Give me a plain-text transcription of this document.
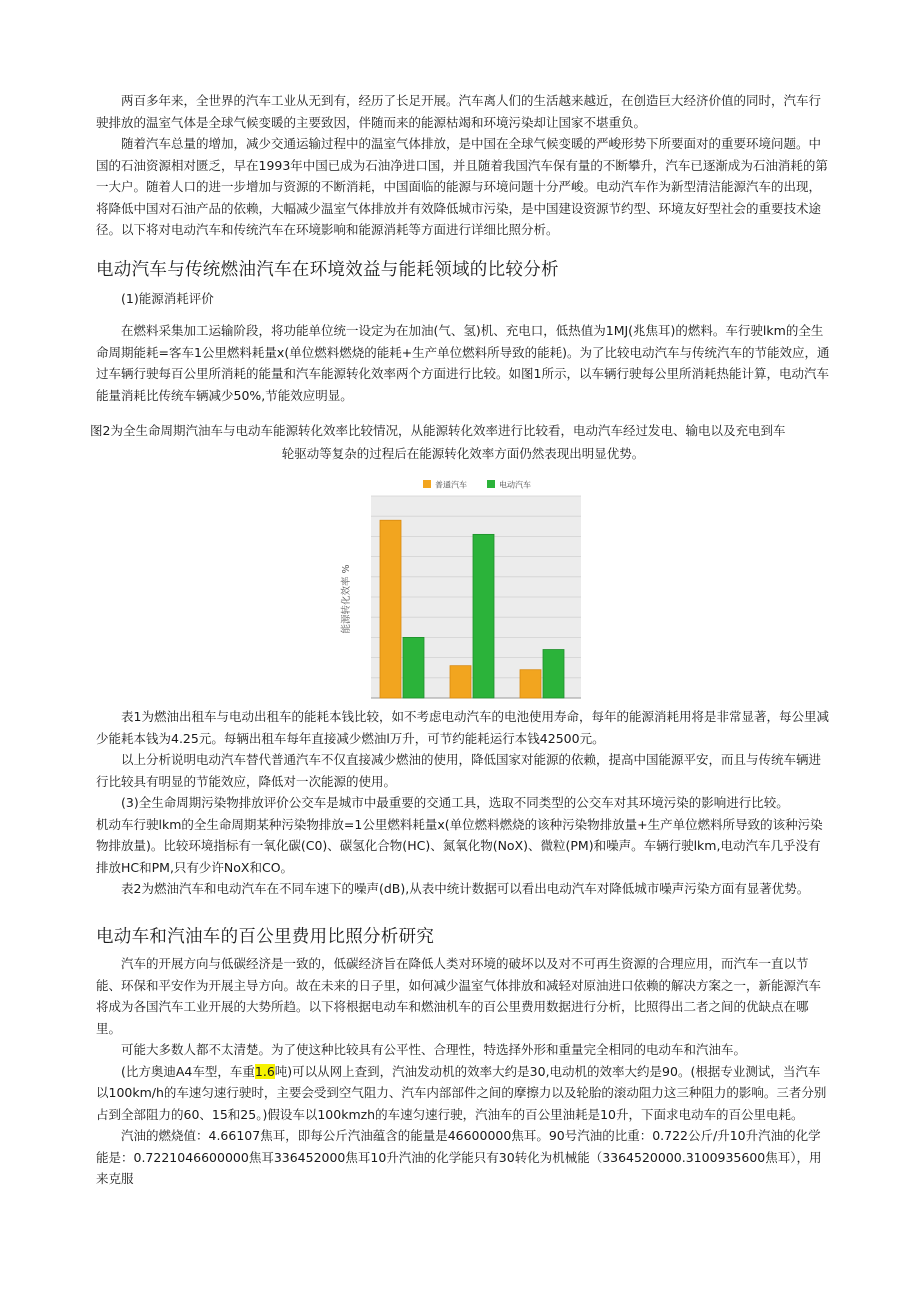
两百多年来，全世界的汽车工业从无到有，经历了长足开展。汽车离人们的生活越来越近，在创造巨大经济价值的同时，汽车行驶排放的温室气体是全球气候变暖的主要致因，伴随而来的能源枯竭和环境污染却让国家不堪重负。

随着汽车总量的增加，减少交通运输过程中的温室气体排放，是中国在全球气候变暖的严峻形势下所要面对的重要环境问题。中国的石油资源相对匮乏，早在1993年中国已成为石油净进口国，并且随着我国汽车保有量的不断攀升，汽车已逐渐成为石油消耗的第一大户。随着人口的进一步增加与资源的不断消耗，中国面临的能源与环境问题十分严峻。电动汽车作为新型清洁能源汽车的出现，将降低中国对石油产品的依赖，大幅减少温室气体排放并有效降低城市污染，是中国建设资源节约型、环境友好型社会的重要技术途径。以下将对电动汽车和传统汽车在环境影响和能源消耗等方面进行详细比照分析。

电动汽车与传统燃油汽车在环境效益与能耗领域的比较分析

(1)能源消耗评价

在燃料采集加工运输阶段，将功能单位统一设定为在加油(气、氢)机、充电口，低热值为1MJ(兆焦耳)的燃料。车行驶lkm的全生命周期能耗=客车1公里燃料耗量x(单位燃料燃烧的能耗+生产单位燃料所导致的能耗)。为了比较电动汽车与传统汽车的节能效应，通过车辆行驶每百公里所消耗的能量和汽车能源转化效率两个方面进行比较。如图1所示，以车辆行驶每公里所消耗热能计算，电动汽车能量消耗比传统车辆减少50%,节能效应明显。

图2为全生命周期汽油车与电动车能源转化效率比较情况，从能源转化效率进行比较看，电动汽车经过发电、输电以及充电到车

轮驱动等复杂的过程后在能源转化效率方面仍然表现出明显优势。
普通汽车	电动汽车
能源转化效率 %

表1为燃油出租车与电动出租车的能耗本钱比较，如不考虑电动汽车的电池使用寿命，每年的能源消耗用将是非常显著，每公里减少能耗本钱为4.25元。每辆出租车每年直接减少燃油l万升，可节约能耗运行本钱42500元。

以上分析说明电动汽车替代普通汽车不仅直接减少燃油的使用，降低国家对能源的依赖，提高中国能源平安，而且与传统车辆进行比较具有明显的节能效应，降低对一次能源的使用。

(3)全生命周期污染物排放评价公交车是城市中最重要的交通工具，选取不同类型的公交车对其环境污染的影响进行比较。

机动车行驶lkm的全生命周期某种污染物排放=1公里燃料耗量x(单位燃料燃烧的该种污染物排放量+生产单位燃料所导致的该种污染物排放量)。比较环境指标有一氧化碳(C0)、碳氢化合物(HC)、氮氧化物(NoX)、微粒(PM)和噪声。车辆行驶lkm,电动汽车几乎没有排放HC和PM,只有少许NoX和CO。

表2为燃油汽车和电动汽车在不同车速下的噪声(dB),从表中统计数据可以看出电动汽车对降低城市噪声污染方面有显著优势。

电动车和汽油车的百公里费用比照分析研究

汽车的开展方向与低碳经济是一致的，低碳经济旨在降低人类对环境的破坏以及对不可再生资源的合理应用，而汽车一直以节能、环保和平安作为开展主导方向。故在未来的日子里，如何减少温室气体排放和减轻对原油进口依赖的解决方案之一，新能源汽车将成为各国汽车工业开展的大势所趋。以下将根据电动车和燃油机车的百公里费用数据进行分析，比照得出二者之间的优缺点在哪里。

可能大多数人都不太清楚。为了使这种比较具有公平性、合理性，特选择外形和重量完全相同的电动车和汽油车。

(比方奥迪A4车型，车重1.6吨)可以从网上查到，汽油发动机的效率大约是30,电动机的效率大约是90。(根据专业测试，当汽车以100km/h的车速匀速行驶时，主要会受到空气阻力、汽车内部部件之间的摩擦力以及轮胎的滚动阻力这三种阻力的影响。三者分别占到全部阻力的60、15和25。)假设车以100kmzh的车速匀速行驶，汽油车的百公里油耗是10升，下面求电动车的百公里电耗。

汽油的燃烧值：4.66107焦耳，即每公斤汽油蕴含的能量是46600000焦耳。90号汽油的比重：0.722公斤/升10升汽油的化学能是：0.7221046600000焦耳336452000焦耳10升汽油的化学能只有30转化为机械能（3364520000.3100935600焦耳），用来克服
